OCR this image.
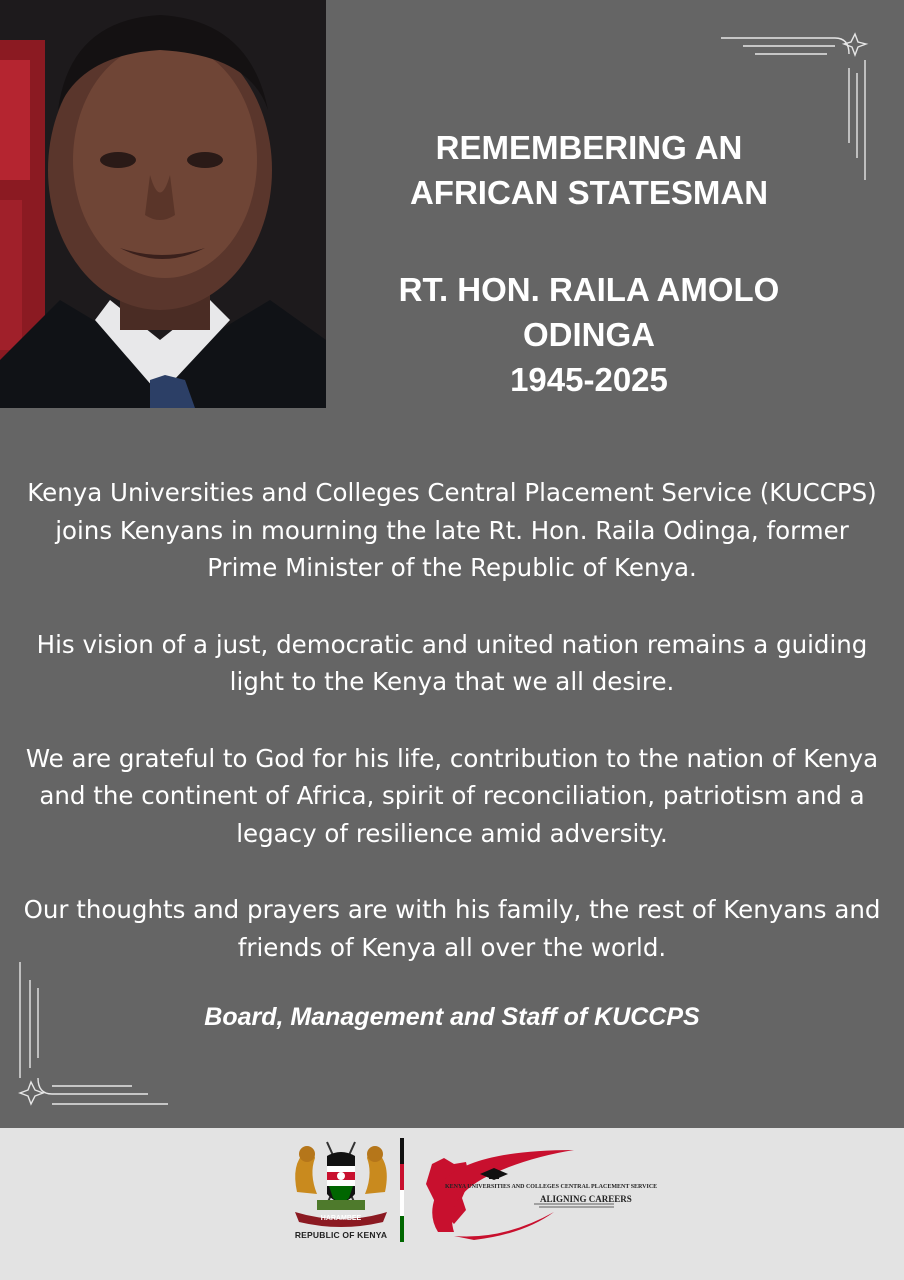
REMEMBERING AN
AFRICAN STATESMAN
RT. HON. RAILA AMOLO
ODINGA
1945-2025

Kenya Universities and Colleges Central Placement Service (KUCCPS) joins Kenyans in mourning the late Rt. Hon. Raila Odinga, former Prime Minister of the Republic of Kenya.

His vision of a just, democratic and united nation remains a guiding light to the Kenya that we all desire.

We are grateful to God for his life, contribution to the nation of Kenya and the continent of Africa, spirit of reconciliation, patriotism and a legacy of resilience amid adversity.

Our thoughts and prayers are with his family, the rest of Kenyans and friends of Kenya all over the world.

Board, Management and Staff of KUCCPS
HARAMBEE
REPUBLIC OF KENYA
KENYA UNIVERSITIES AND COLLEGES CENTRAL PLACEMENT SERVICE
ALIGNING CAREERS
